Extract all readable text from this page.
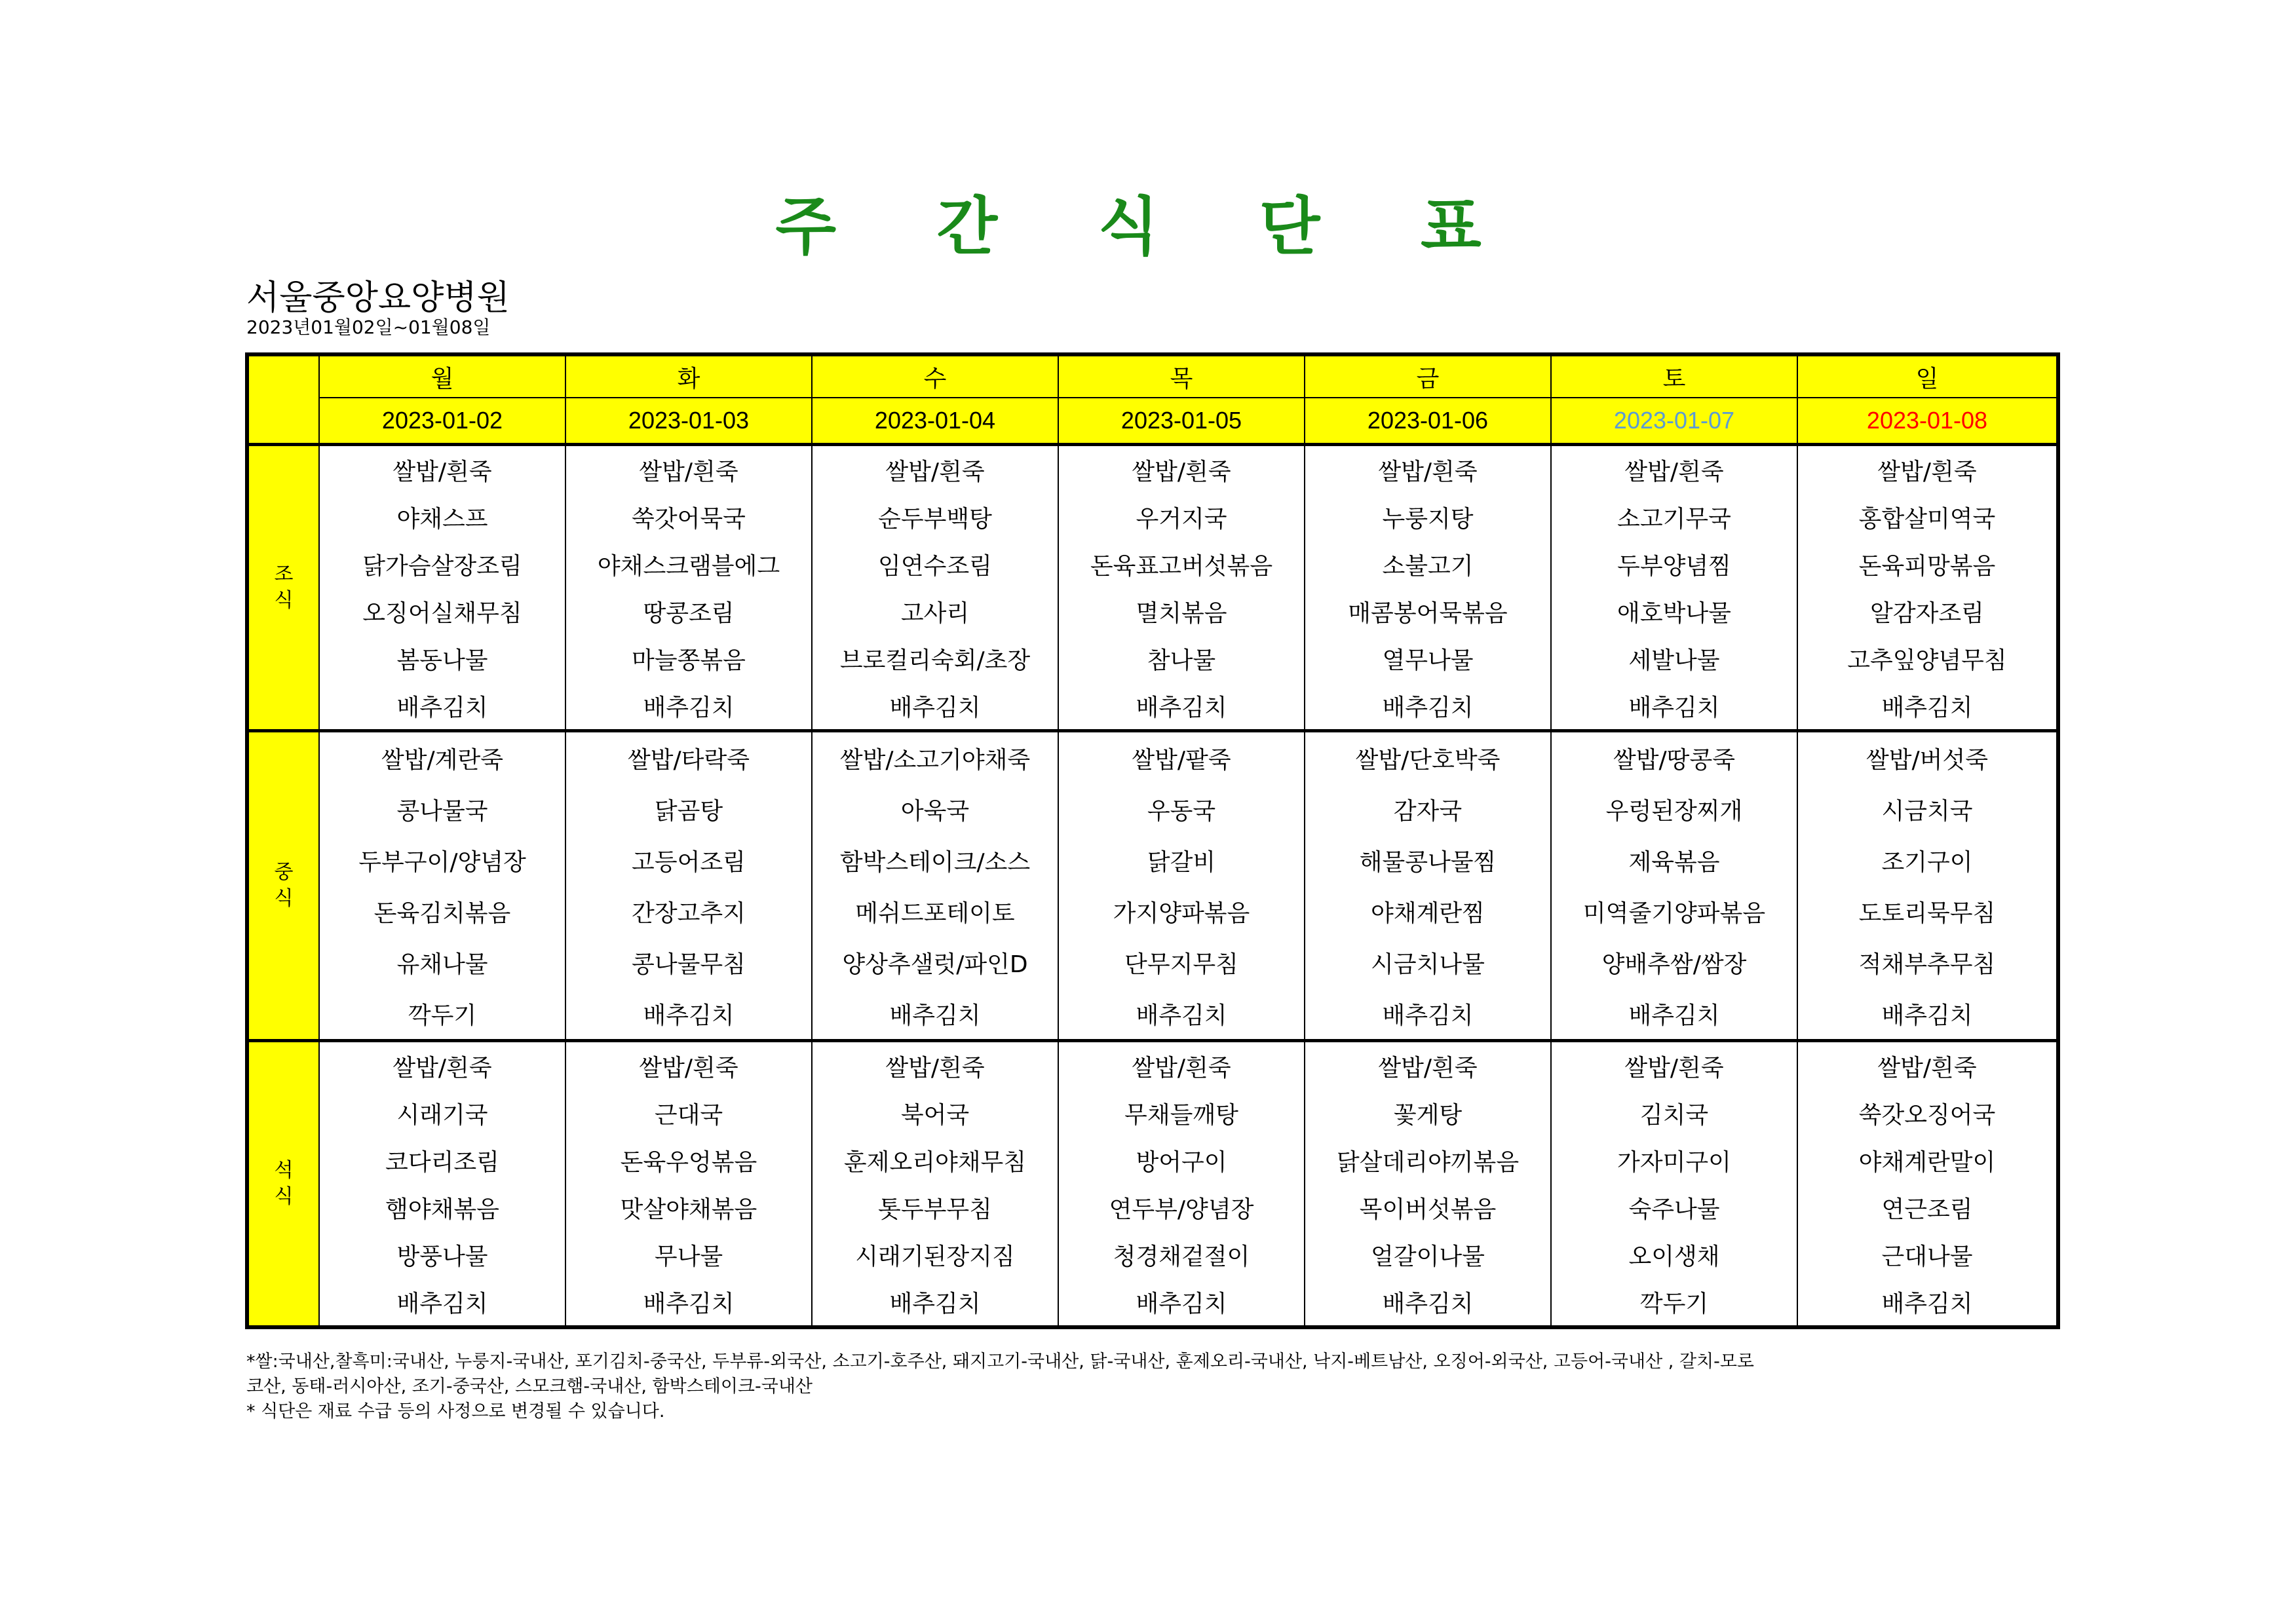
주 간 식 단 표
서울중앙요양병원
2023년01월02일~01월08일
	월	화	수	목	금	토	일
	2023-01-02	2023-01-03	2023-01-04	2023-01-05	2023-01-06	2023-01-07	2023-01-08

조
식	쌀밥/흰죽	쌀밥/흰죽	쌀밥/흰죽	쌀밥/흰죽	쌀밥/흰죽	쌀밥/흰죽	쌀밥/흰죽
	야채스프	쑥갓어묵국	순두부백탕	우거지국	누룽지탕	소고기무국	홍합살미역국
	닭가슴살장조림	야채스크램블에그	임연수조림	돈육표고버섯볶음	소불고기	두부양념찜	돈육피망볶음
	오징어실채무침	땅콩조림	고사리	멸치볶음	매콤봉어묵볶음	애호박나물	알감자조림
	봄동나물	마늘쫑볶음	브로컬리숙회/초장	참나물	열무나물	세발나물	고추잎양념무침
	배추김치	배추김치	배추김치	배추김치	배추김치	배추김치	배추김치

중
식	쌀밥/계란죽	쌀밥/타락죽	쌀밥/소고기야채죽	쌀밥/팥죽	쌀밥/단호박죽	쌀밥/땅콩죽	쌀밥/버섯죽
	콩나물국	닭곰탕	아욱국	우동국	감자국	우렁된장찌개	시금치국
	두부구이/양념장	고등어조림	함박스테이크/소스	닭갈비	해물콩나물찜	제육볶음	조기구이
	돈육김치볶음	간장고추지	메쉬드포테이토	가지양파볶음	야채계란찜	미역줄기양파볶음	도토리묵무침
	유채나물	콩나물무침	양상추샐럿/파인D	단무지무침	시금치나물	양배추쌈/쌈장	적채부추무침
	깍두기	배추김치	배추김치	배추김치	배추김치	배추김치	배추김치

석
식	쌀밥/흰죽	쌀밥/흰죽	쌀밥/흰죽	쌀밥/흰죽	쌀밥/흰죽	쌀밥/흰죽	쌀밥/흰죽
	시래기국	근대국	북어국	무채들깨탕	꽃게탕	김치국	쑥갓오징어국
	코다리조림	돈육우엉볶음	훈제오리야채무침	방어구이	닭살데리야끼볶음	가자미구이	야채계란말이
	햄야채볶음	맛살야채볶음	톳두부무침	연두부/양념장	목이버섯볶음	숙주나물	연근조림
	방풍나물	무나물	시래기된장지짐	청경채겉절이	얼갈이나물	오이생채	근대나물
	배추김치	배추김치	배추김치	배추김치	배추김치	깍두기	배추김치
*쌀:국내산,찰흑미:국내산, 누룽지-국내산, 포기김치-중국산, 두부류-외국산, 소고기-호주산, 돼지고기-국내산, 닭-국내산, 훈제오리-국내산, 낙지-베트남산, 오징어-외국산, 고등어-국내산 , 갈치-모로
코산, 동태-러시아산, 조기-중국산, 스모크햄-국내산, 함박스테이크-국내산
* 식단은 재료 수급 등의 사정으로 변경될 수 있습니다.
